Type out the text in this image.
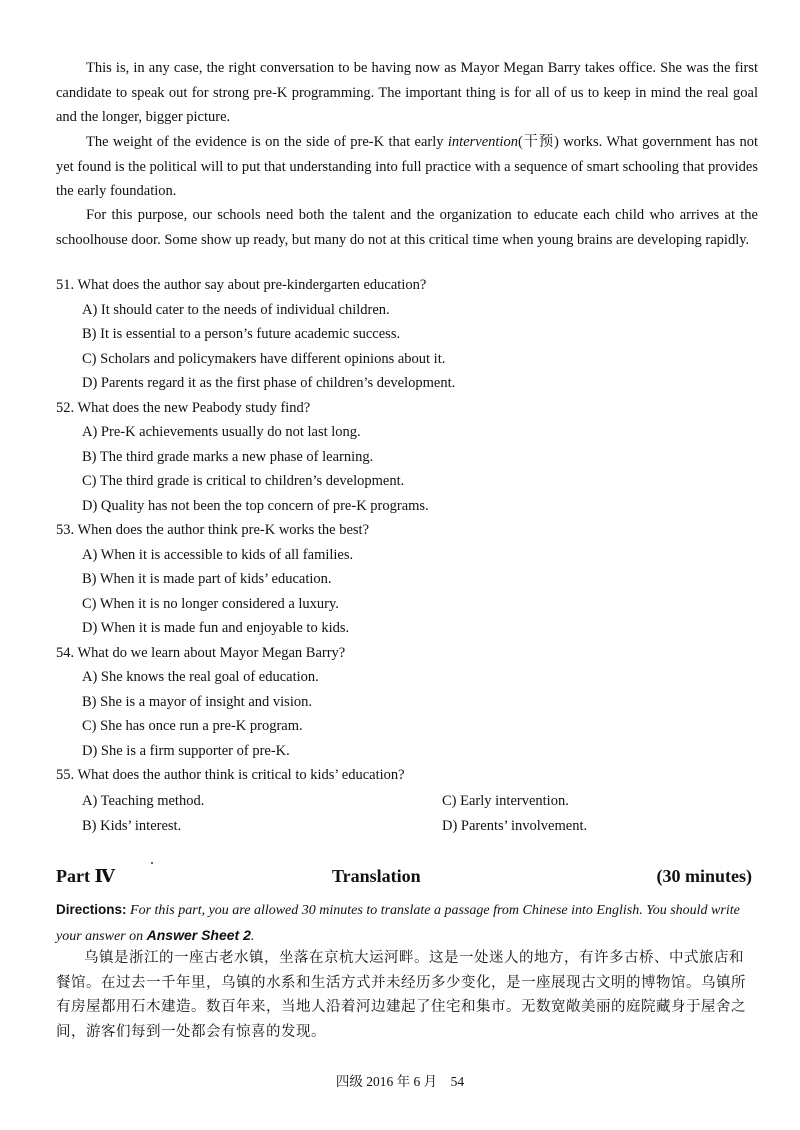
This is, in any case, the right conversation to be having now as Mayor Megan Barry takes office. She was the first candidate to speak out for strong pre-K programming. The important thing is for all of us to keep in mind the real goal and the longer, bigger picture.

The weight of the evidence is on the side of pre-K that early intervention(干预) works. What government has not yet found is the political will to put that understanding into full practice with a sequence of smart schooling that provides the early foundation.

For this purpose, our schools need both the talent and the organization to educate each child who arrives at the schoolhouse door. Some show up ready, but many do not at this critical time when young brains are developing rapidly.

51. What does the author say about pre-kindergarten education?
A) It should cater to the needs of individual children.
B) It is essential to a person’s future academic success.
C) Scholars and policymakers have different opinions about it.
D) Parents regard it as the first phase of children’s development.
52. What does the new Peabody study find?
A) Pre-K achievements usually do not last long.
B) The third grade marks a new phase of learning.
C) The third grade is critical to children’s development.
D) Quality has not been the top concern of pre-K programs.
53. When does the author think pre-K works the best?
A) When it is accessible to kids of all families.
B) When it is made part of kids’ education.
C) When it is no longer considered a luxury.
D) When it is made fun and enjoyable to kids.
54. What do we learn about Mayor Megan Barry?
A) She knows the real goal of education.
B) She is a mayor of insight and vision.
C) She has once run a pre-K program.
D) She is a firm supporter of pre-K.
55. What does the author think is critical to kids’ education?
A) Teaching method.	C) Early intervention.
B) Kids’ interest.	D) Parents’ involvement.
Part Ⅳ	Translation	(30 minutes)
Directions: For this part, you are allowed 30 minutes to translate a passage from Chinese into English. You should write your answer on Answer Sheet 2.

乌镇是浙江的一座古老水镇，坐落在京杭大运河畔。这是一处迷人的地方，有许多古桥、中式旅店和餐馆。在过去一千年里，乌镇的水系和生活方式并未经历多少变化，是一座展现古文明的博物馆。乌镇所有房屋都用石木建造。数百年来，当地人沿着河边建起了住宅和集市。无数宽敞美丽的庭院藏身于屋舍之间，游客们每到一处都会有惊喜的发现。

四级 2016 年 6 月　54
